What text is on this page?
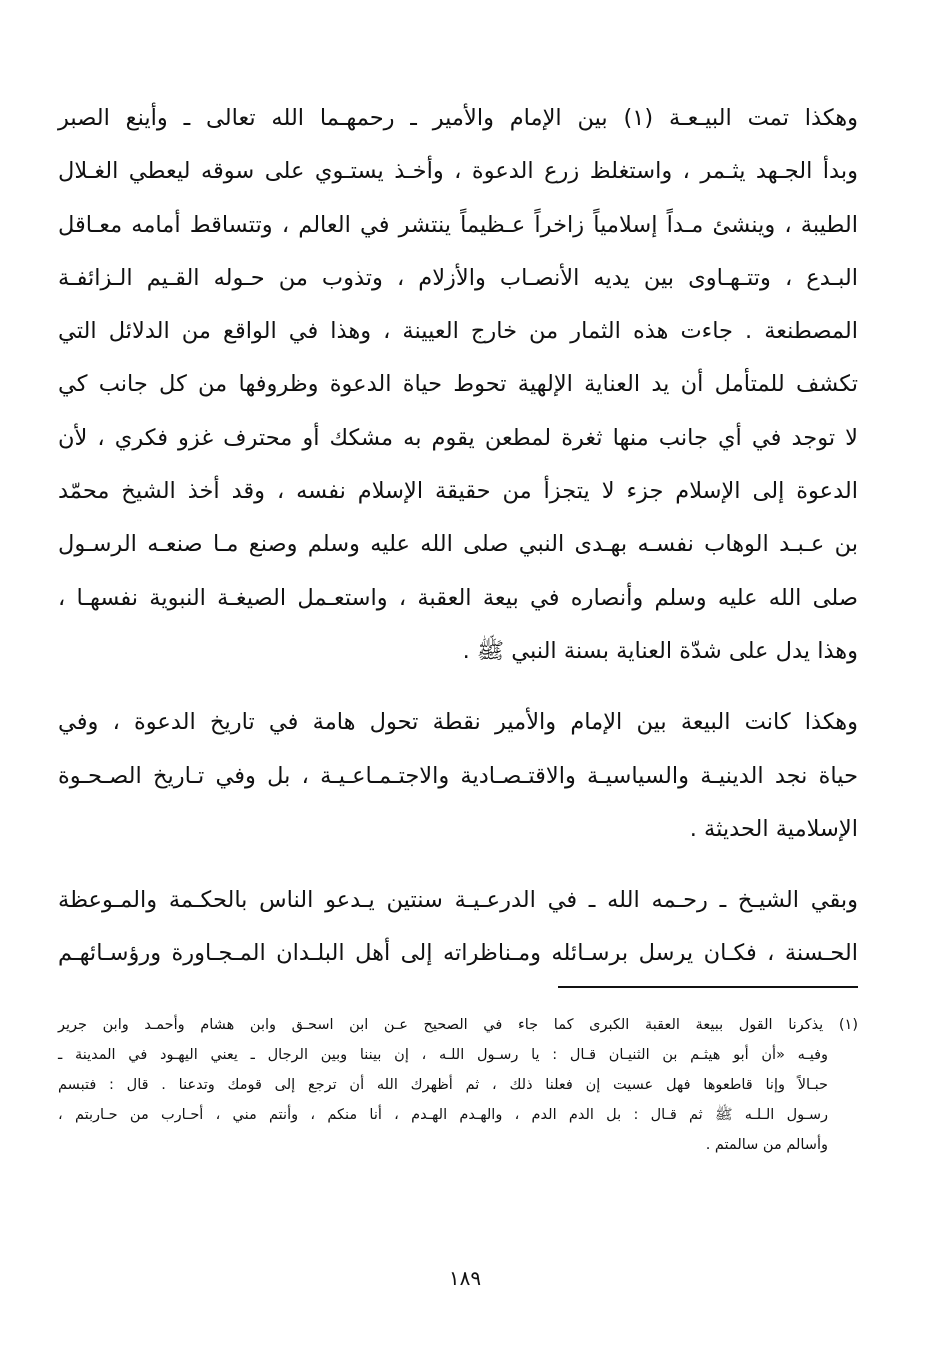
وهكذا تمت البيـعـة (١) بين الإمام والأمير ـ رحمهـما الله تعالى ـ وأينع الصبر
وبدأ الجـهد يثـمر ، واستغلظ زرع الدعوة ، وأخـذ يستـوي على سوقه ليعطي الغـلال
الطيبة ، وينشئ مـداً إسلامياً زاخراً عـظيماً ينتشر في العالم ، وتتساقط أمامه معـاقل
البـدع ، وتتـهـاوى بين يديه الأنصـاب والأزلام ، وتذوب من حـوله القـيم الـزائفـة
المصطنعة . جاءت هذه الثمار من خارج العيينة ، وهذا في الواقع من الدلائل التي
تكشف للمتأمل أن يد العناية الإلهية تحوط حياة الدعوة وظروفها من كل جانب كي
لا توجد في أي جانب منها ثغرة لمطعن يقوم به مشكك أو محترف غزو فكري ، لأن
الدعوة إلى الإسلام جزء لا يتجزأ من حقيقة الإسلام نفسه ، وقد أخذ الشيخ محمّد
بن عـبـد الوهاب نفسـه بهـدى النبي صلى الله عليه وسلم وصنع مـا صنعـه الرسـول
صلى الله عليه وسلم وأنصاره في بيعة العقبة ، واستعـمل الصيغـة النبوية نفسهـا ،
وهذا يدل على شدّة العناية بسنة النبي ﷺ .

وهكذا كانت البيعة بين الإمام والأمير نقطة تحول هامة في تاريخ الدعوة ، وفي
حياة نجد الدينيـة والسياسيـة والاقتـصـادية والاجتـمـاعـيـة ، بل وفي تـاريخ الصـحـوة
الإسلامية الحديثة .

وبقي الشيـخ ـ رحـمه الله ـ في الدرعـيـة سنتين يـدعو الناس بالحكـمة والمـوعظة
الحـسنة ، فكـان يرسل برسـائله ومـناظراته إلى أهل البلـدان المـجـاورة ورؤسـائهـم

(١) يذكرنا القول ببيعة العقبة الكبرى كما جاء في الصحيح عـن ابن اسحـق وابن هشام وأحمـد وابن جرير
وفيـه «أن أبو هيثـم بن الثنيـان قـال : يا رسـول اللـه ، إن بيننا وبين الرجال ـ يعني اليهـود في المدينة ـ
حبـالاً وإنا قاطعوها فهل عسيت إن فعلنا ذلك ، ثم أظهرك الله أن ترجع إلى قومك وتدعنا . قال : فتبسم
رسـول الـلـه ﷺ ثم قـال : بل الدم الدم ، والهـدم الهـدم ، أنا منكم ، وأنتم مني ، أحـارب من حـاربتم ،
وأسالم من سالمتم .
١٨٩
